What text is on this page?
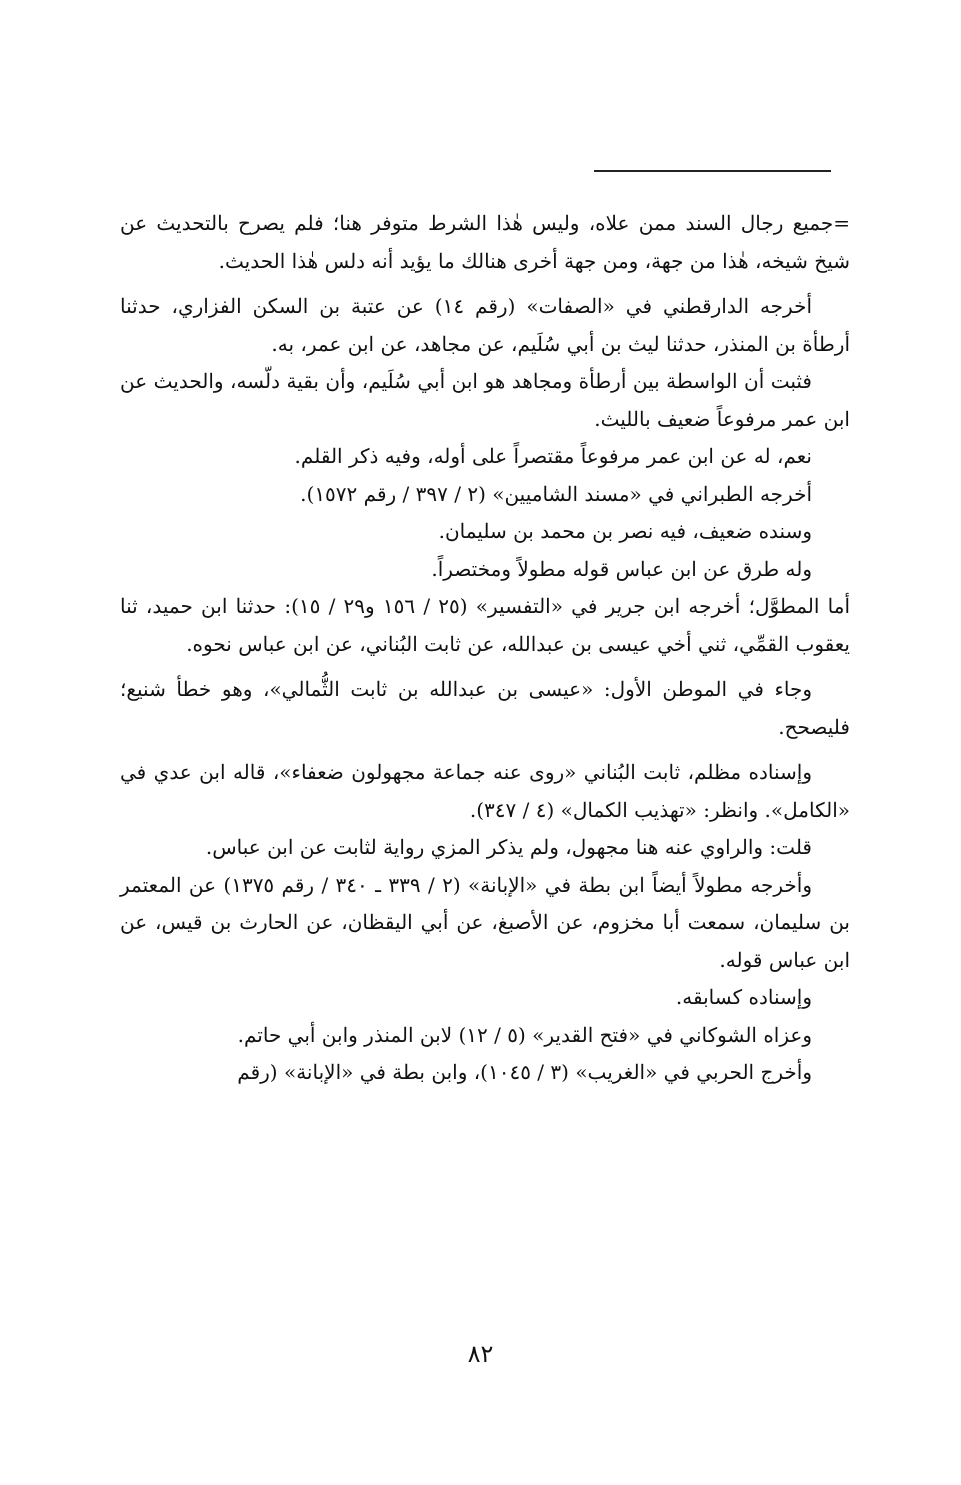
=جميع رجال السند ممن علاه، وليس هٰذا الشرط متوفر هنا؛ فلم يصرح بالتحديث عن شيخ شيخه، هٰذا من جهة، ومن جهة أخرى هنالك ما يؤيد أنه دلس هٰذا الحديث.

أخرجه الدارقطني في «الصفات» (رقم ١٤) عن عتبة بن السكن الفزاري، حدثنا أرطأة بن المنذر، حدثنا ليث بن أبي سُلَيم، عن مجاهد، عن ابن عمر، به.

فثبت أن الواسطة بين أرطأة ومجاهد هو ابن أبي سُلَيم، وأن بقية دلّسه، والحديث عن ابن عمر مرفوعاً ضعيف بالليث.

نعم، له عن ابن عمر مرفوعاً مقتصراً على أوله، وفيه ذكر القلم.

أخرجه الطبراني في «مسند الشاميين» (٢ / ٣٩٧ / رقم ١٥٧٢).

وسنده ضعيف، فيه نصر بن محمد بن سليمان.

وله طرق عن ابن عباس قوله مطولاً ومختصراً.

أما المطوَّل؛ أخرجه ابن جرير في «التفسير» (٢٥ / ١٥٦ و٢٩ / ١٥): حدثنا ابن حميد، ثنا يعقوب القمِّي، ثني أخي عيسى بن عبدالله، عن ثابت البُناني، عن ابن عباس نحوه.

وجاء في الموطن الأول: «عيسى بن عبدالله بن ثابت الثُّمالي»، وهو خطأ شنيع؛ فليصحح.

وإسناده مظلم، ثابت البُناني «روى عنه جماعة مجهولون ضعفاء»، قاله ابن عدي في «الكامل». وانظر: «تهذيب الكمال» (٤ / ٣٤٧).

قلت: والراوي عنه هنا مجهول، ولم يذكر المزي رواية لثابت عن ابن عباس.

وأخرجه مطولاً أيضاً ابن بطة في «الإبانة» (٢ / ٣٣٩ ـ ٣٤٠ / رقم ١٣٧٥) عن المعتمر بن سليمان، سمعت أبا مخزوم، عن الأصبغ، عن أبي اليقظان، عن الحارث بن قيس، عن ابن عباس قوله.

وإسناده كسابقه.

وعزاه الشوكاني في «فتح القدير» (٥ / ١٢) لابن المنذر وابن أبي حاتم.

وأخرج الحربي في «الغريب» (٣ / ١٠٤٥)، وابن بطة في «الإبانة» (رقم

٨٢
